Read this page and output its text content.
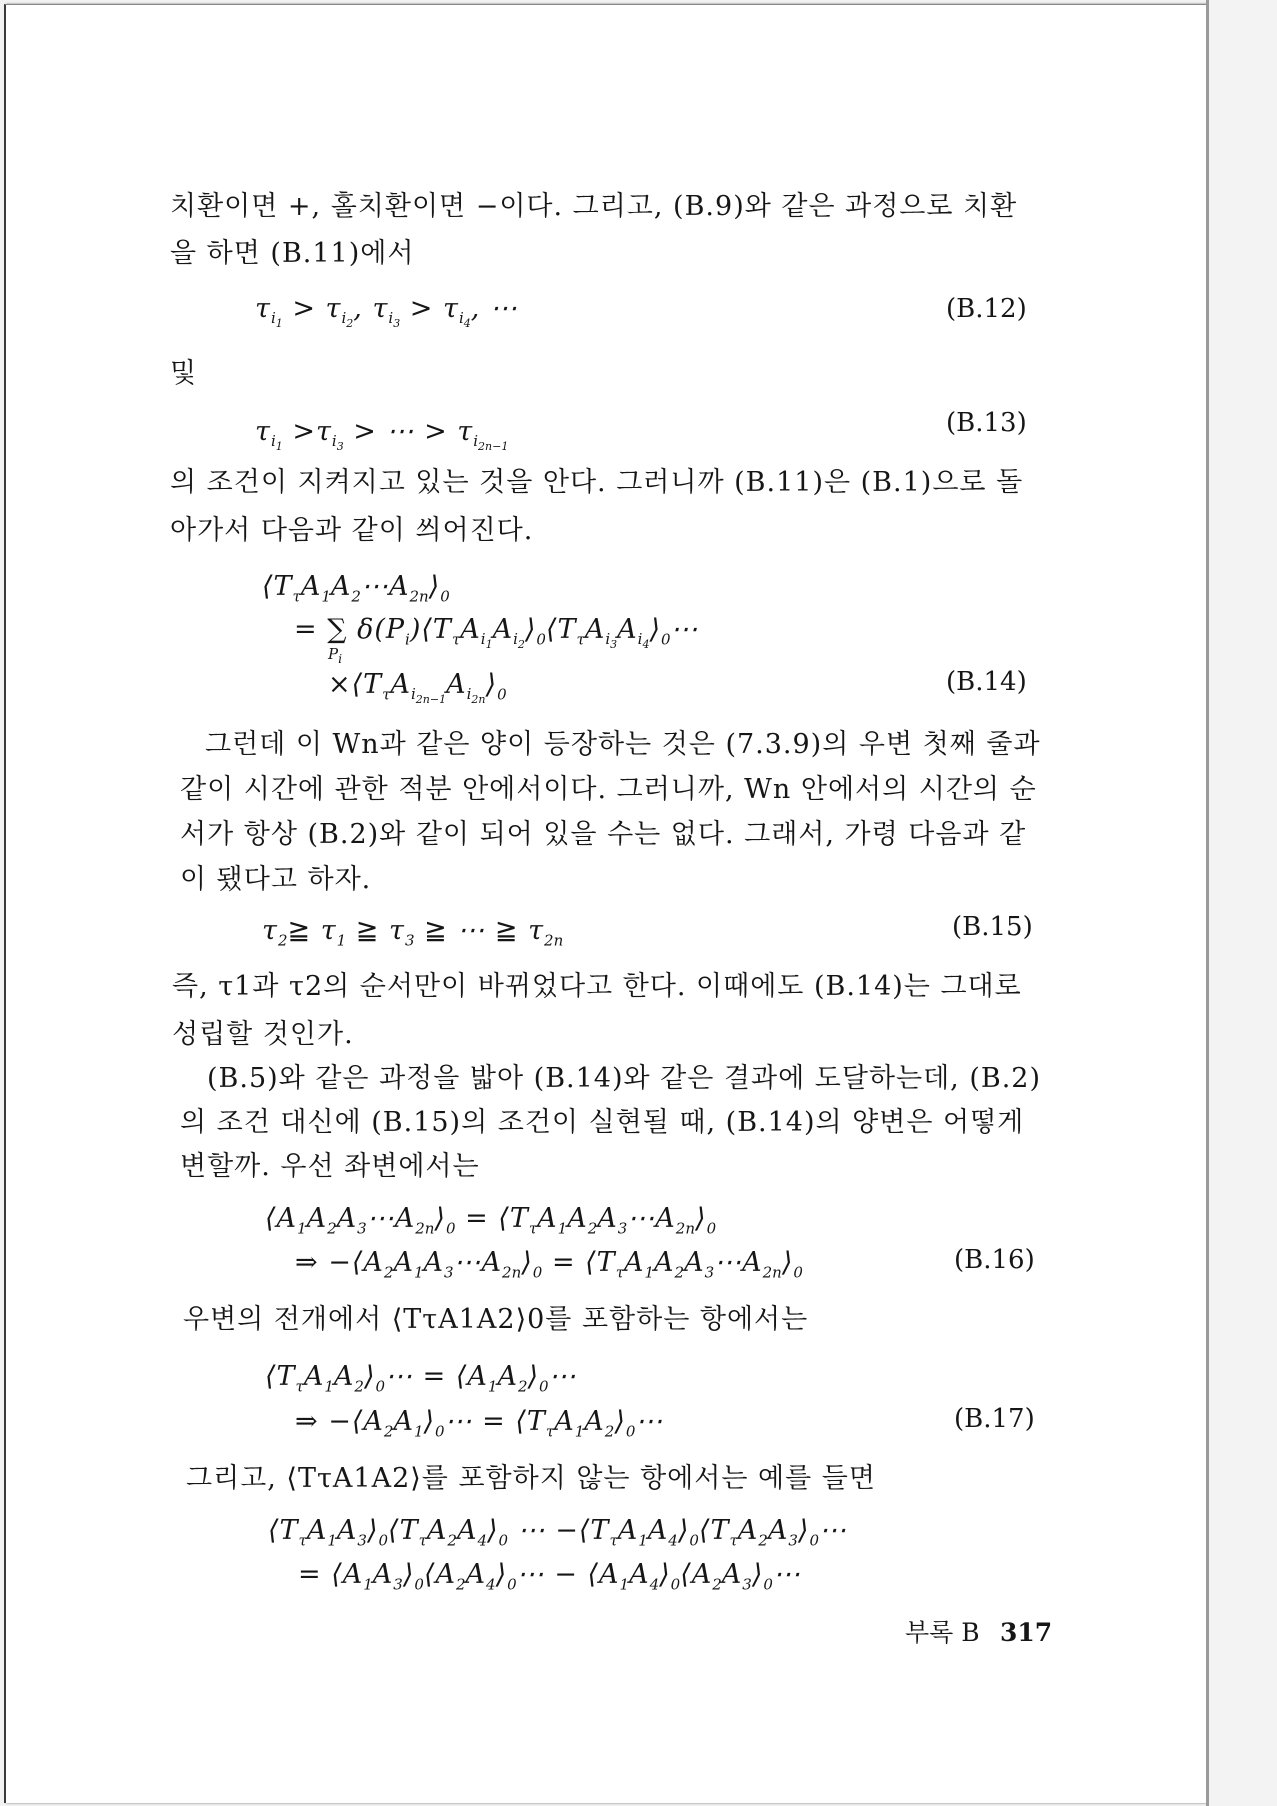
치환이면 +, 홀치환이면 −이다. 그리고, (B.9)와 같은 과정으로 치환
을 하면 (B.11)에서
$\tau_{i_1} > \tau_{i_2}$, $\tau_{i_3} > \tau_{i_4}$, ⋯	(B.12)
및
$\tau_{i_1} >\tau_{i_3}$ > ⋯ > $\tau_{i_{2n-1}}$
(B.13)
의 조건이 지켜지고 있는 것을 안다. 그러니까 (B.11)은 (B.1)으로 돌
아가서 다음과 같이 씌어진다.
$⟨T_\tau A_1A_2\cdots A_{2n}⟩_0$
= ∑ $\delta(P_i)⟨T_\tau A_{i_1}A_{i_2}⟩_0⟨T_\tau A_{i_3}A_{i_4}⟩_0\cdots$
$P_i$
$\times⟨T_\tau A_{i_{2n-1}}A_{i_{2n}}⟩_0$	(B.14)
그런데 이 Wn과 같은 양이 등장하는 것은 (7.3.9)의 우변 첫째 줄과
같이 시간에 관한 적분 안에서이다. 그러니까, Wn 안에서의 시간의 순
서가 항상 (B.2)와 같이 되어 있을 수는 없다. 그래서, 가령 다음과 같
이 됐다고 하자.
$\tau_2≧$ $\tau_1$ ≧ $\tau_3$ ≧ ⋯ ≧ $\tau_{2n}$	(B.15)
즉, τ1과 τ2의 순서만이 바뀌었다고 한다. 이때에도 (B.14)는 그대로
성립할 것인가.
(B.5)와 같은 과정을 밟아 (B.14)와 같은 결과에 도달하는데, (B.2)
의 조건 대신에 (B.15)의 조건이 실현될 때, (B.14)의 양변은 어떻게
변할까. 우선 좌변에서는
$⟨A_1A_2A_3\cdots A_{2n}⟩_0$ = $⟨T_\tau A_1A_2A_3\cdots A_{2n}⟩_0$
⇒ $-⟨A_2A_1A_3\cdots A_{2n}⟩_0$ = $⟨T_\tau A_1A_2A_3\cdots A_{2n}⟩_0$	(B.16)
우변의 전개에서 ⟨TτA1A2⟩0를 포함하는 항에서는
$⟨T_\tau A_1A_2⟩_0\cdots$ = $⟨A_1A_2⟩_0\cdots$
⇒ $-⟨A_2A_1⟩_0\cdots$ = $⟨T_\tau A_1A_2⟩_0\cdots$	(B.17)
그리고, ⟨TτA1A2⟩를 포함하지 않는 항에서는 예를 들면
$⟨T_\tau A_1A_3⟩_0⟨T_\tau A_2A_4⟩_0$ ⋯ $-⟨T_\tau A_1A_4⟩_0⟨T_\tau A_2A_3⟩_0\cdots$
= $⟨A_1A_3⟩_0⟨A_2A_4⟩_0\cdots$ − $⟨A_1A_4⟩_0⟨A_2A_3⟩_0\cdots$
부록 B 317
